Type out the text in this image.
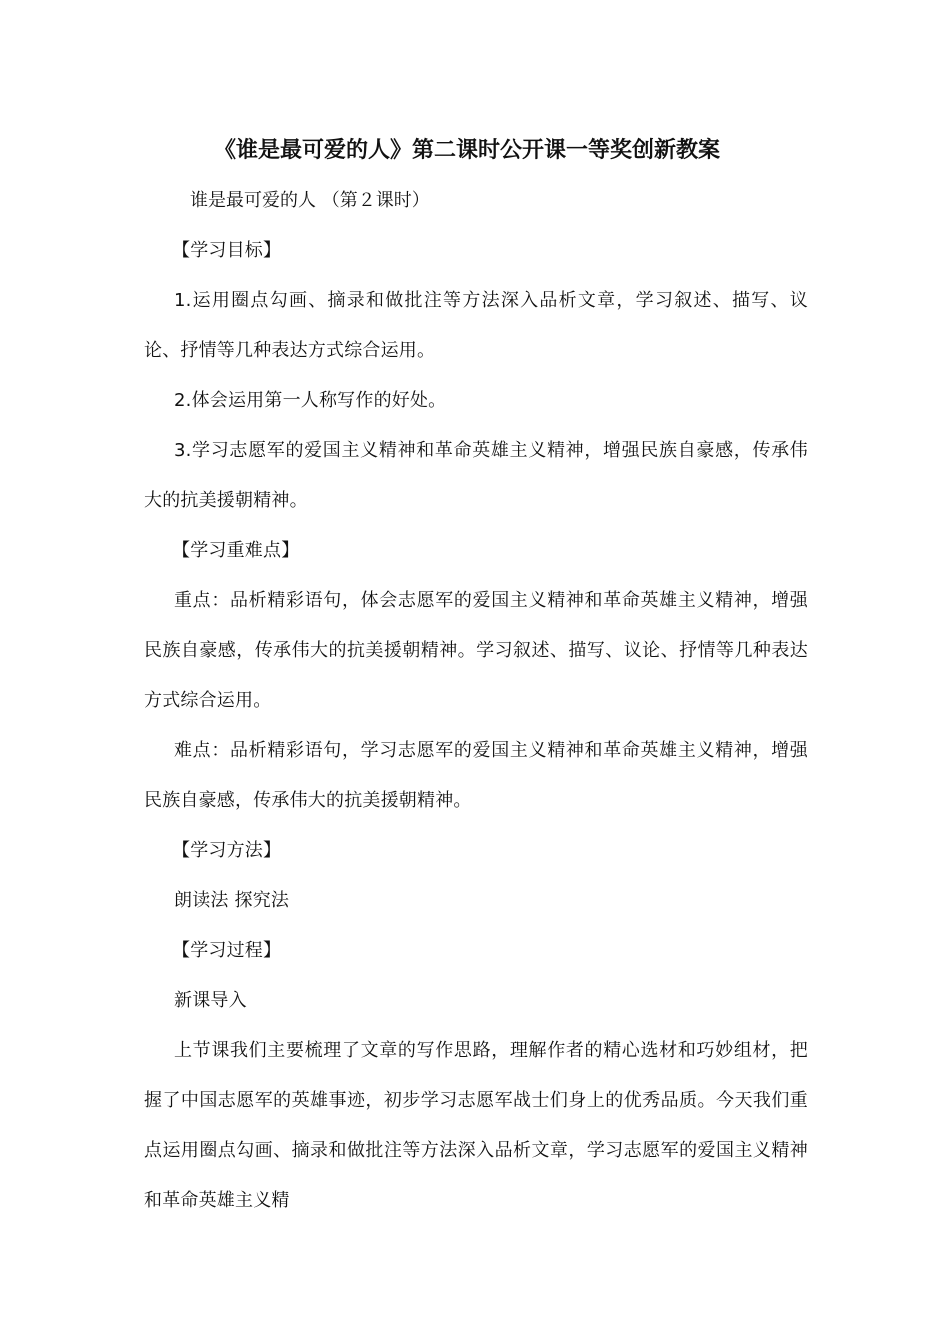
《谁是最可爱的人》第二课时公开课一等奖创新教案
谁是最可爱的人 （第２课时）

【学习目标】

1.运用圈点勾画、摘录和做批注等方法深入品析文章，学习叙述、描写、议论、抒情等几种表达方式综合运用。

2.体会运用第一人称写作的好处。

3.学习志愿军的爱国主义精神和革命英雄主义精神，增强民族自豪感，传承伟大的抗美援朝精神。

【学习重难点】

重点：品析精彩语句，体会志愿军的爱国主义精神和革命英雄主义精神，增强民族自豪感，传承伟大的抗美援朝精神。学习叙述、描写、议论、抒情等几种表达方式综合运用。

难点：品析精彩语句，学习志愿军的爱国主义精神和革命英雄主义精神，增强民族自豪感，传承伟大的抗美援朝精神。

【学习方法】

朗读法 探究法

【学习过程】

新课导入

上节课我们主要梳理了文章的写作思路，理解作者的精心选材和巧妙组材，把握了中国志愿军的英雄事迹，初步学习志愿军战士们身上的优秀品质。今天我们重点运用圈点勾画、摘录和做批注等方法深入品析文章，学习志愿军的爱国主义精神和革命英雄主义精
